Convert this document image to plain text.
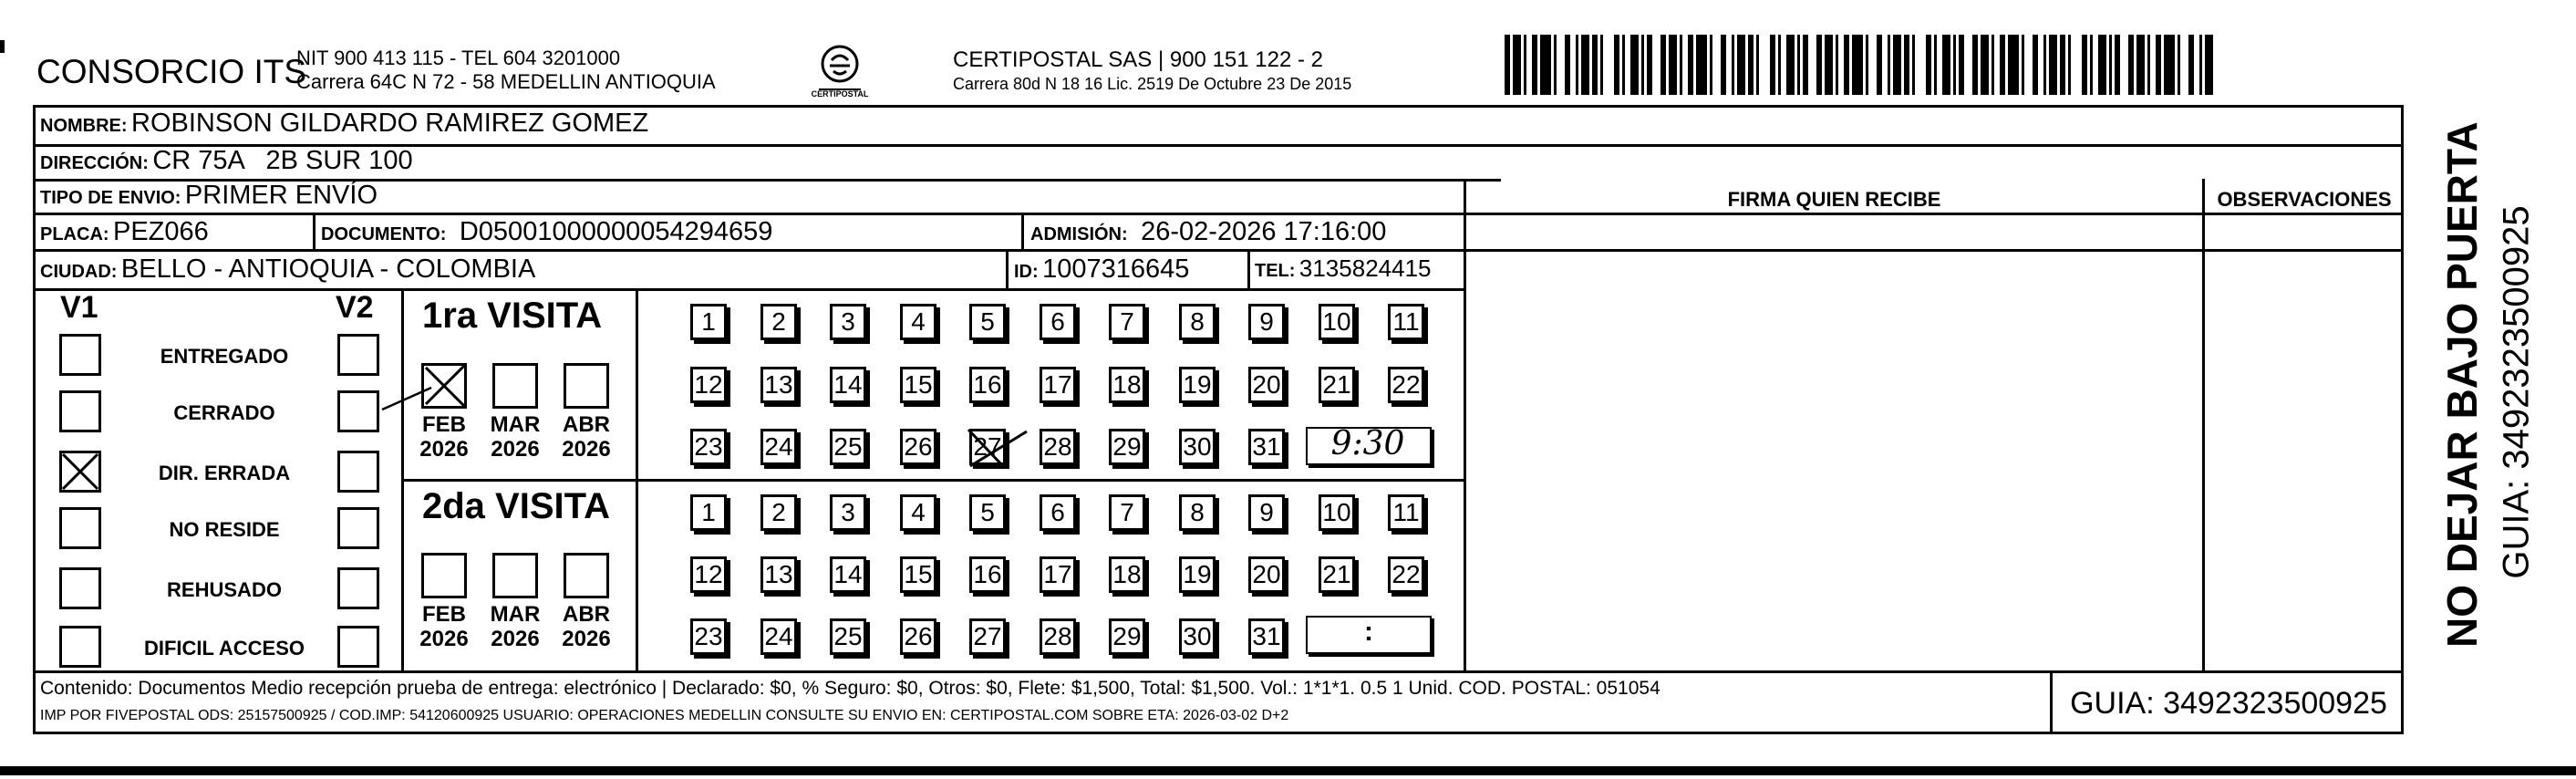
CONSORCIO ITS
NIT 900 413 115 - TEL 604 3201000
Carrera 64C N 72 - 58 MEDELLIN ANTIOQUIA
CERTIPOSTAL
CERTIPOSTAL SAS | 900 151 122 - 2
Carrera 80d N 18 16 Lic. 2519 De Octubre 23 De 2015
NOMBRE: ROBINSON GILDARDO RAMIREZ GOMEZ
DIRECCIÓN: CR 75A   2B SUR 100
TIPO DE ENVIO: PRIMER ENVÍO	FIRMA QUIEN RECIBE	OBSERVACIONES
PLACA: PEZ066	DOCUMENTO: D05001000000054294659	ADMISIÓN: 26-02-2026 17:16:00
CIUDAD: BELLO - ANTIOQUIA - COLOMBIA	ID: 1007316645	TEL: 3135824415
V1	V2
ENTREGADO
CERRADO
DIR. ERRADA
NO RESIDE
REHUSADO
DIFICIL ACCESO
1ra VISITA
2da VISITA
FEB
2026
MAR
2026
ABR
2026
FEB
2026
MAR
2026
ABR
2026
1	2	3	4	5	6	7	8	9	10 11
12 13 14 15 16 17 18 19 20 21 22
23 24 25 26 27 28 29 30 31
1	2	3	4	5	6	7	8	9	10 11
12 13 14 15 16 17 18 19 20 21 22
23 24 25 26 27 28 29 30 31
9:30
:
Contenido: Documentos Medio recepción prueba de entrega: electrónico | Declarado: $0, % Seguro: $0, Otros: $0, Flete: $1,500, Total: $1,500. Vol.: 1*1*1. 0.5 1 Unid. COD. POSTAL: 051054
IMP POR FIVEPOSTAL ODS: 25157500925 / COD.IMP: 54120600925 USUARIO: OPERACIONES MEDELLIN CONSULTE SU ENVIO EN: CERTIPOSTAL.COM SOBRE ETA: 2026-03-02 D+2	GUIA: 3492323500925
NO DEJAR BAJO PUERTA GUIA: 3492323500925
